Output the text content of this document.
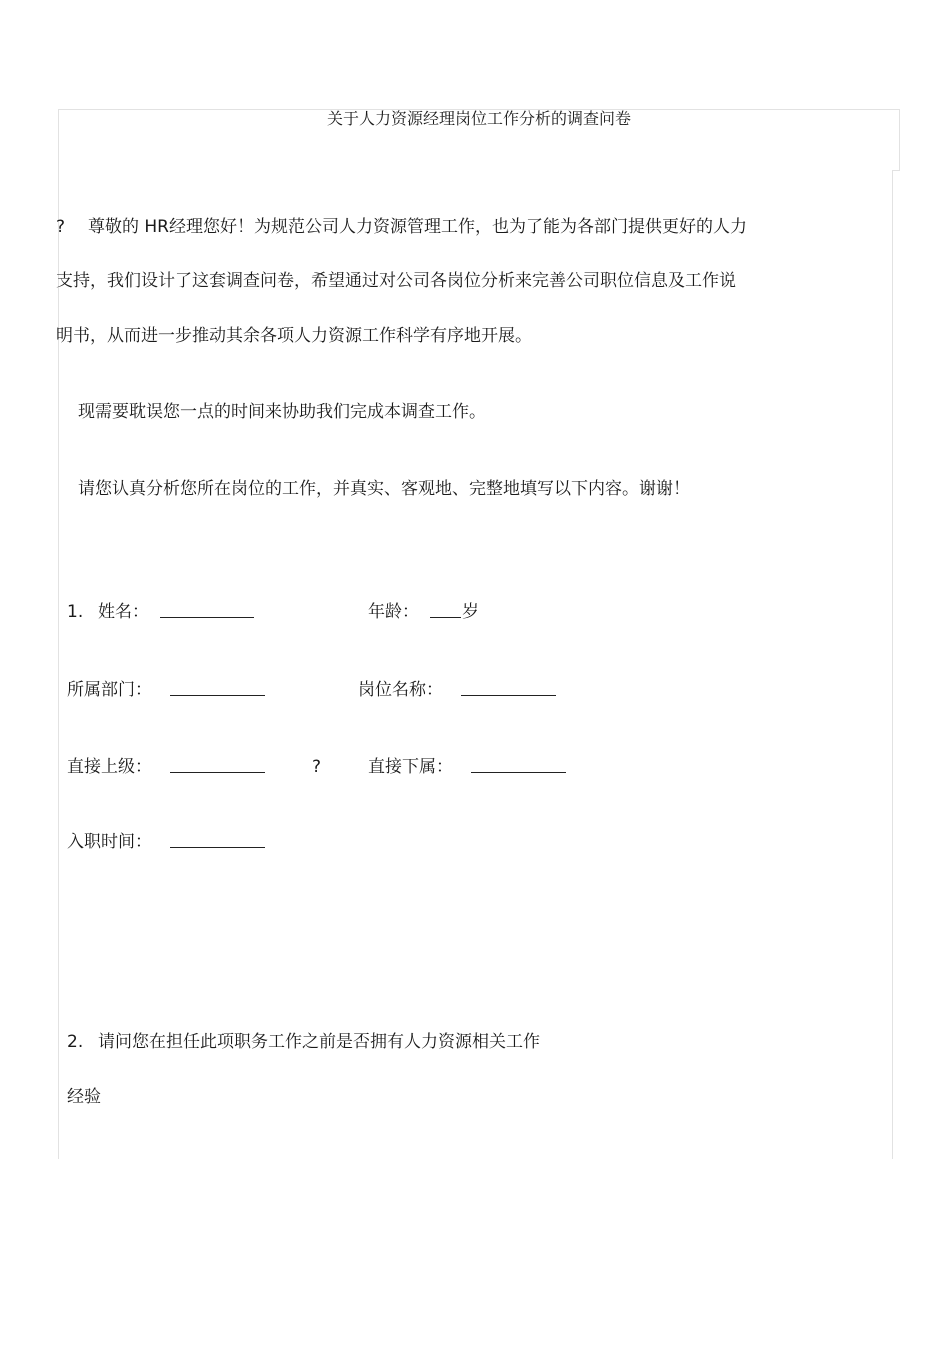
关于人力资源经理岗位工作分析的调查问卷
? 尊敬的 HR经理您好！为规范公司人力资源管理工作，也为了能为各部门提供更好的人力
支持，我们设计了这套调查问卷，希望通过对公司各岗位分析来完善公司职位信息及工作说
明书，从而进一步推动其余各项人力资源工作科学有序地开展。
现需要耽误您一点的时间来协助我们完成本调查工作。
请您认真分析您所在岗位的工作，并真实、客观地、完整地填写以下内容。谢谢！
1. 姓名：	年龄：	岁
所属部门：	岗位名称：
直接上级：	?	直接下属：
入职时间：
2. 请问您在担任此项职务工作之前是否拥有人力资源相关工作
经验
